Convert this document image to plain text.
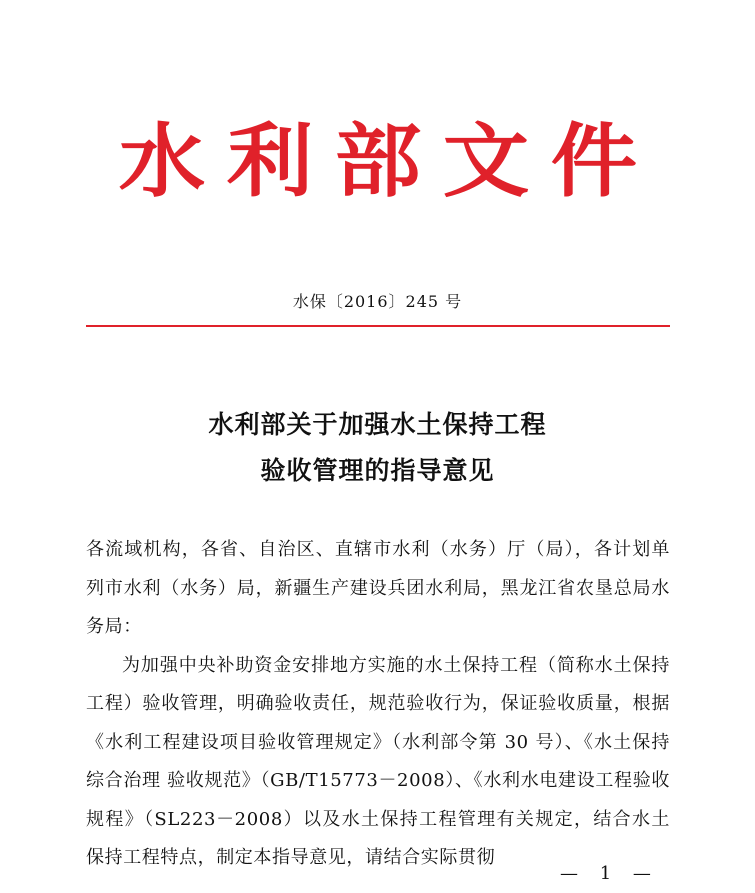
水 利 部 文 件
水保〔2016〕245 号
水利部关于加强水土保持工程
验收管理的指导意见

各流域机构，各省、自治区、直辖市水利（水务）厅（局），各计划单列市水利（水务）局，新疆生产建设兵团水利局，黑龙江省农垦总局水务局：

为加强中央补助资金安排地方实施的水土保持工程（简称水土保持工程）验收管理，明确验收责任，规范验收行为，保证验收质量，根据《水利工程建设项目验收管理规定》（水利部令第 30 号）、《水土保持综合治理 验收规范》（GB/T15773－2008）、《水利水电建设工程验收规程》（SL223－2008）以及水土保持工程管理有关规定，结合水土保持工程特点，制定本指导意见，请结合实际贯彻

— 1 —
